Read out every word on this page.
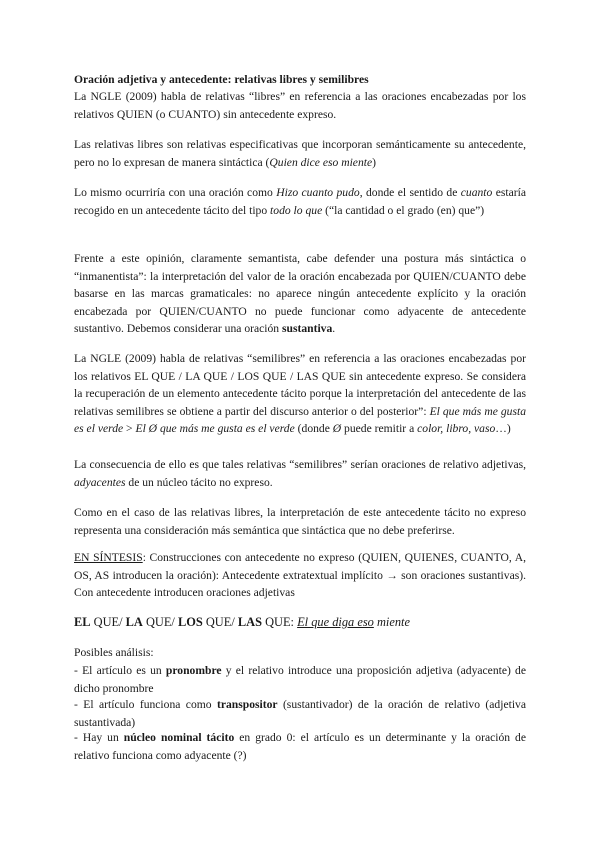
Oración adjetiva y antecedente: relativas libres y semilibres

La NGLE (2009) habla de relativas “libres” en referencia a las oraciones encabezadas por los relativos QUIEN (o CUANTO) sin antecedente expreso.

Las relativas libres son relativas especificativas que incorporan semánticamente su antecedente, pero no lo expresan de manera sintáctica (Quien dice eso miente)

Lo mismo ocurriría con una oración como Hizo cuanto pudo, donde el sentido de cuanto estaría recogido en un antecedente tácito del tipo todo lo que (“la cantidad o el grado (en) que”)

Frente a este opinión, claramente semantista, cabe defender una postura más sintáctica o “inmanentista”: la interpretación del valor de la oración encabezada por QUIEN/CUANTO debe basarse en las marcas gramaticales: no aparece ningún antecedente explícito y la oración encabezada por QUIEN/CUANTO no puede funcionar como adyacente de antecedente sustantivo. Debemos considerar una oración sustantiva.

La NGLE (2009) habla de relativas “semilibres” en referencia a las oraciones encabezadas por los relativos EL QUE / LA QUE / LOS QUE / LAS QUE sin antecedente expreso. Se considera la recuperación de un elemento antecedente tácito porque la interpretación del antecedente de las relativas semilibres se obtiene a partir del discurso anterior o del posterior”: El que más me gusta es el verde > El Ø que más me gusta es el verde (donde Ø puede remitir a color, libro, vaso…)

La consecuencia de ello es que tales relativas “semilibres” serían oraciones de relativo adjetivas, adyacentes de un núcleo tácito no expreso.

Como en el caso de las relativas libres, la interpretación de este antecedente tácito no expreso representa una consideración más semántica que sintáctica que no debe preferirse.

EN SÍNTESIS: Construcciones con antecedente no expreso (QUIEN, QUIENES, CUANTO, A, OS, AS introducen la oración): Antecedente extratextual implícito → son oraciones sustantivas). Con antecedente introducen oraciones adjetivas

EL QUE/ LA QUE/ LOS QUE/ LAS QUE: El que diga eso miente

Posibles análisis:

- El artículo es un pronombre y el relativo introduce una proposición adjetiva (adyacente) de dicho pronombre

- El artículo funciona como transpositor (sustantivador) de la oración de relativo (adjetiva sustantivada)

- Hay un núcleo nominal tácito en grado 0: el artículo es un determinante y la oración de relativo funciona como adyacente (?)
